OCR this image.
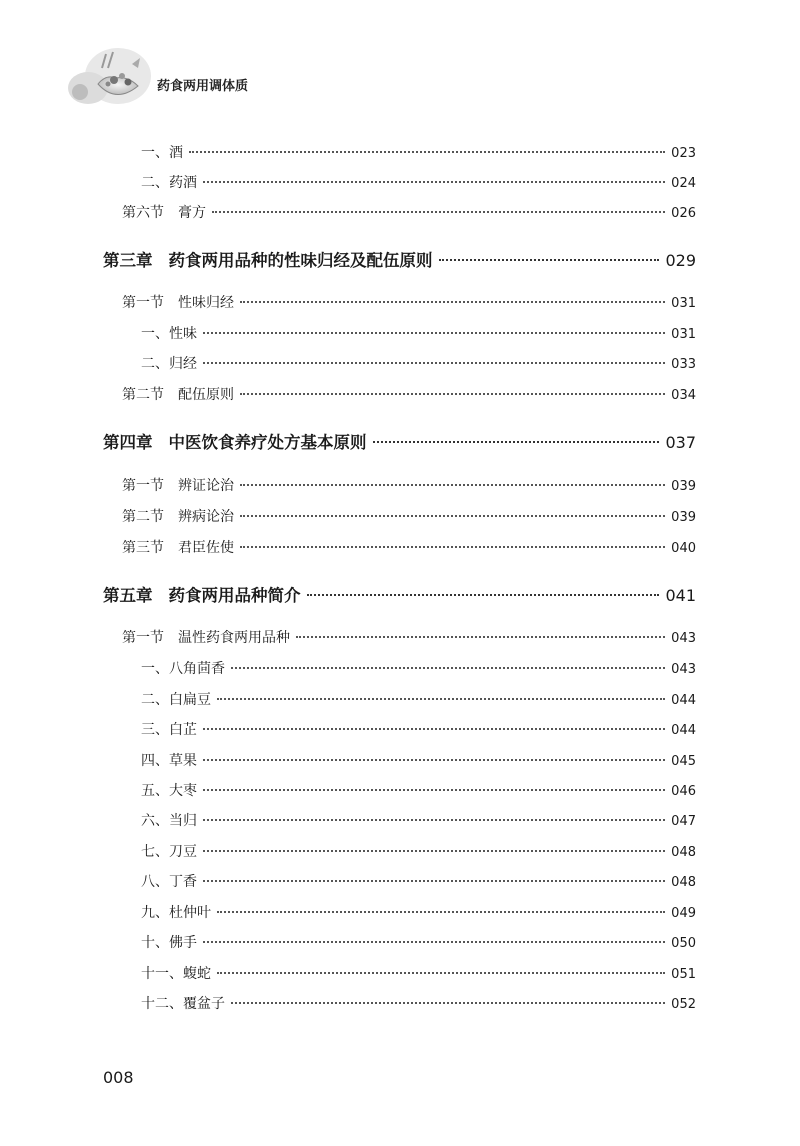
药食两用调体质
一、酒	023
二、药酒	024
第六节 膏方	026
第三章 药食两用品种的性味归经及配伍原则	029
第一节 性味归经	031
一、性味	031
二、归经	033
第二节 配伍原则	034
第四章 中医饮食养疗处方基本原则	037
第一节 辨证论治	039
第二节 辨病论治	039
第三节 君臣佐使	040
第五章 药食两用品种简介	041
第一节 温性药食两用品种	043
一、八角茴香	043
二、白扁豆	044
三、白芷	044
四、草果	045
五、大枣	046
六、当归	047
七、刀豆	048
八、丁香	048
九、杜仲叶	049
十、佛手	050
十一、蝮蛇	051
十二、覆盆子	052
008
